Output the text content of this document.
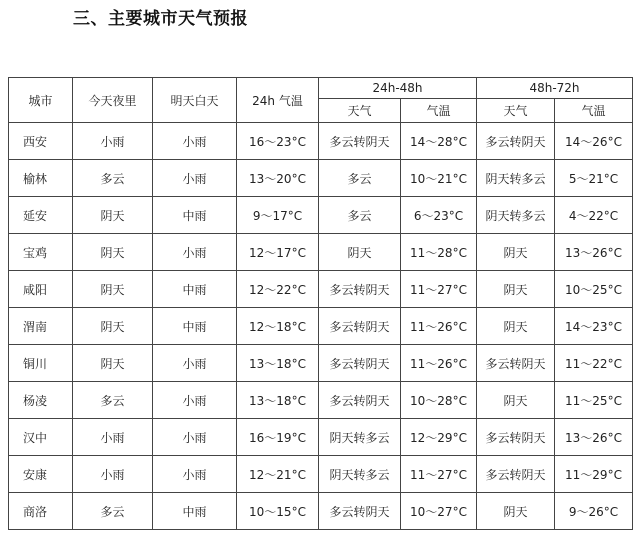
三、主要城市天气预报
城市	今天夜里	明天白天	24h 气温	24h-48h		48h-72h	
				天气	气温	天气	气温
西安	小雨	小雨	16～23°C	多云转阴天	14～28°C	多云转阴天	14～26°C
榆林	多云	小雨	13～20°C	多云	10～21°C	阴天转多云	5～21°C
延安	阴天	中雨	9～17°C	多云	6～23°C	阴天转多云	4～22°C
宝鸡	阴天	小雨	12～17°C	阴天	11～28°C	阴天	13～26°C
咸阳	阴天	中雨	12～22°C	多云转阴天	11～27°C	阴天	10～25°C
渭南	阴天	中雨	12～18°C	多云转阴天	11～26°C	阴天	14～23°C
铜川	阴天	小雨	13～18°C	多云转阴天	11～26°C	多云转阴天	11～22°C
杨凌	多云	小雨	13～18°C	多云转阴天	10～28°C	阴天	11～25°C
汉中	小雨	小雨	16～19°C	阴天转多云	12～29°C	多云转阴天	13～26°C
安康	小雨	小雨	12～21°C	阴天转多云	11～27°C	多云转阴天	11～29°C
商洛	多云	中雨	10～15°C	多云转阴天	10～27°C	阴天	9～26°C
